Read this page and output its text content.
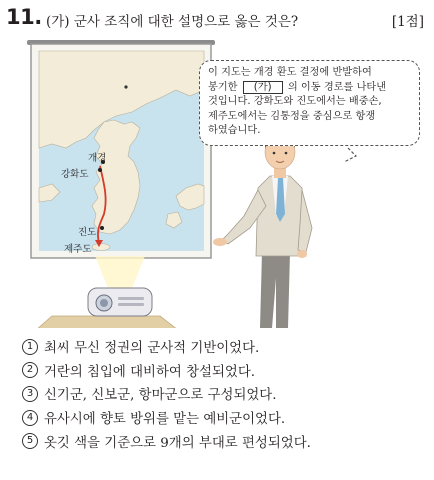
11. (가) 군사 조직에 대한 설명으로 옳은 것은?	[1점]
개경
강화도
진도
제주도
이 지도는 개경 환도 결정에 반발하여
봉기한 (가) 의 이동 경로를 나타낸
것입니다. 강화도와 진도에서는 배중손,
제주도에서는 김통정을 중심으로 항쟁
하였습니다.
1 최씨 무신 정권의 군사적 기반이었다.
2 거란의 침입에 대비하여 창설되었다.
3 신기군, 신보군, 항마군으로 구성되었다.
4 유사시에 향토 방위를 맡는 예비군이었다.
5 옷깃 색을 기준으로 9개의 부대로 편성되었다.
